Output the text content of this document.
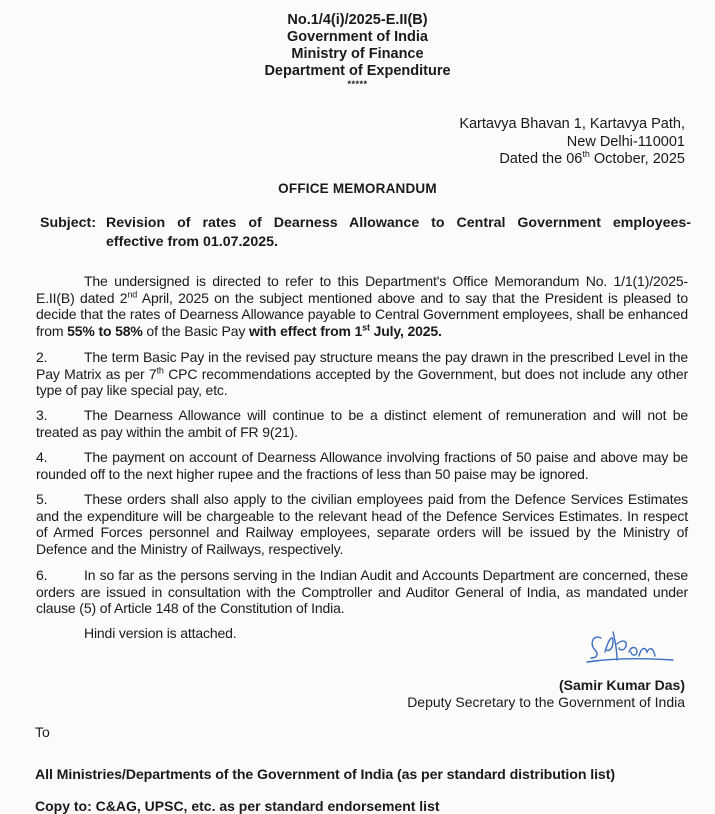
No.1/4(i)/2025-E.II(B)
Government of India
Ministry of Finance
Department of Expenditure
*****
Kartavya Bhavan 1, Kartavya Path,
New Delhi-110001
Dated the 06th October, 2025
OFFICE MEMORANDUM
Subject: Revision of rates of Dearness Allowance to Central Government employees-
effective from 01.07.2025.
The undersigned is directed to refer to this Department's Office Memorandum No. 1/1(1)/2025-E.II(B) dated 2nd April, 2025 on the subject mentioned above and to say that the President is pleased to decide that the rates of Dearness Allowance payable to Central Government employees, shall be enhanced from 55% to 58% of the Basic Pay with effect from 1st July, 2025.
2.	The term Basic Pay in the revised pay structure means the pay drawn in the prescribed Level in the Pay Matrix as per 7th CPC recommendations accepted by the Government, but does not include any other type of pay like special pay, etc.
3.	The Dearness Allowance will continue to be a distinct element of remuneration and will not be treated as pay within the ambit of FR 9(21).
4.	The payment on account of Dearness Allowance involving fractions of 50 paise and above may be rounded off to the next higher rupee and the fractions of less than 50 paise may be ignored.
5.	These orders shall also apply to the civilian employees paid from the Defence Services Estimates and the expenditure will be chargeable to the relevant head of the Defence Services Estimates. In respect of Armed Forces personnel and Railway employees, separate orders will be issued by the Ministry of Defence and the Ministry of Railways, respectively.
6.	In so far as the persons serving in the Indian Audit and Accounts Department are concerned, these orders are issued in consultation with the Comptroller and Auditor General of India, as mandated under clause (5) of Article 148 of the Constitution of India.
Hindi version is attached.
(Samir Kumar Das)
Deputy Secretary to the Government of India
To
All Ministries/Departments of the Government of India (as per standard distribution list)
Copy to: C&AG, UPSC, etc. as per standard endorsement list
